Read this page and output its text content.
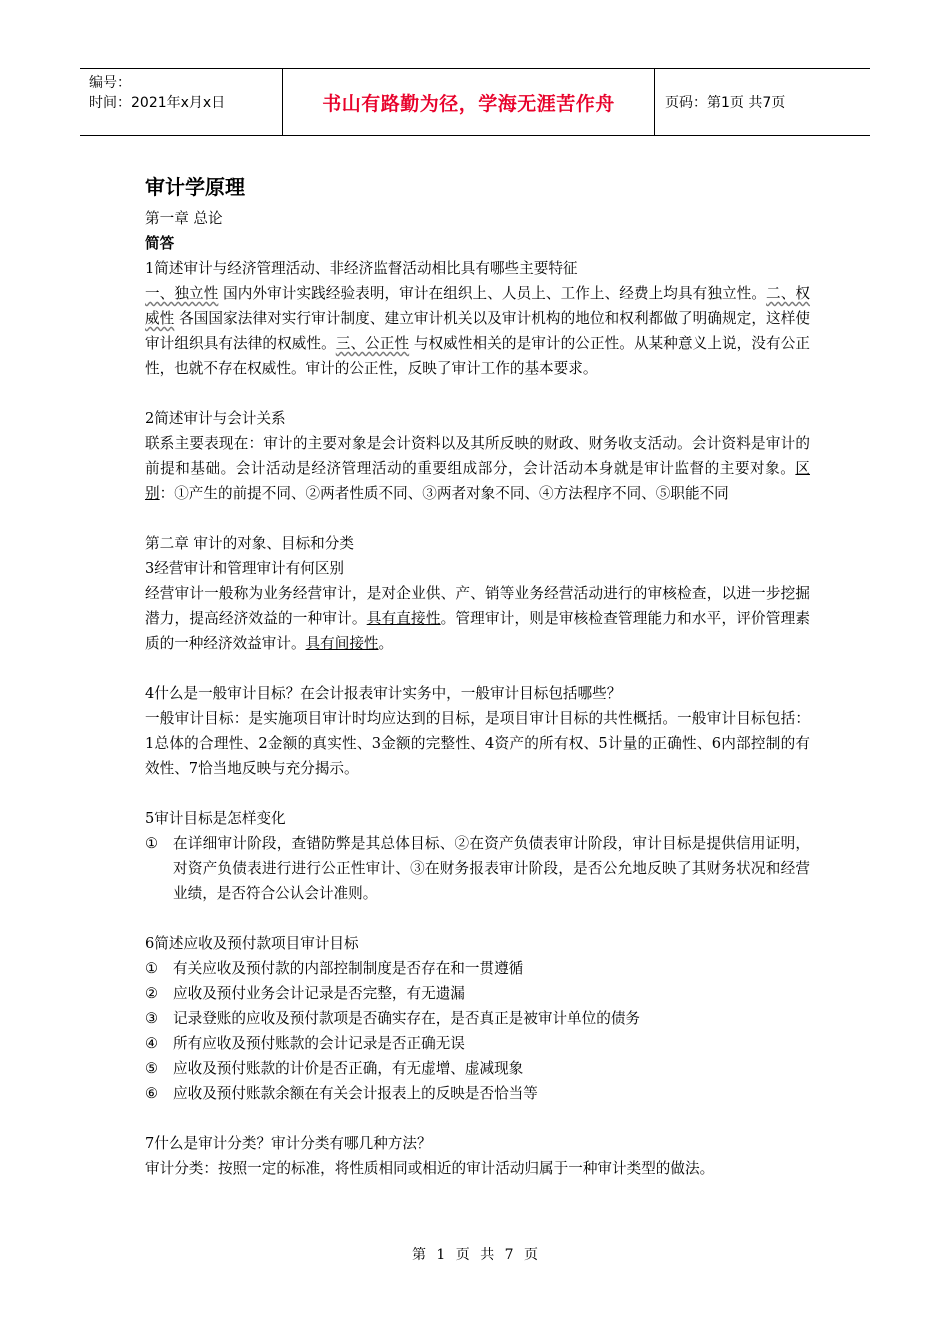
编号：
时间：2021年x月x日	书山有路勤为径，学海无涯苦作舟	页码：第1页 共7页
审计学原理

第一章 总论

简答

1简述审计与经济管理活动、非经济监督活动相比具有哪些主要特征

一、独立性 国内外审计实践经验表明，审计在组织上、人员上、工作上、经费上均具有独立性。二、权威性 各国国家法律对实行审计制度、建立审计机关以及审计机构的地位和权利都做了明确规定，这样使审计组织具有法律的权威性。三、公正性 与权威性相关的是审计的公正性。从某种意义上说，没有公正性，也就不存在权威性。审计的公正性，反映了审计工作的基本要求。

2简述审计与会计关系

联系主要表现在：审计的主要对象是会计资料以及其所反映的财政、财务收支活动。会计资料是审计的前提和基础。会计活动是经济管理活动的重要组成部分，会计活动本身就是审计监督的主要对象。区别：①产生的前提不同、②两者性质不同、③两者对象不同、④方法程序不同、⑤职能不同

第二章 审计的对象、目标和分类

3经营审计和管理审计有何区别

经营审计一般称为业务经营审计，是对企业供、产、销等业务经营活动进行的审核检查，以进一步挖掘潜力，提高经济效益的一种审计。具有直接性。管理审计，则是审核检查管理能力和水平，评价管理素质的一种经济效益审计。具有间接性。

4什么是一般审计目标？在会计报表审计实务中，一般审计目标包括哪些？

一般审计目标：是实施项目审计时均应达到的目标，是项目审计目标的共性概括。一般审计目标包括：1总体的合理性、2金额的真实性、3金额的完整性、4资产的所有权、5计量的正确性、6内部控制的有效性、7恰当地反映与充分揭示。

5审计目标是怎样变化

①	在详细审计阶段，查错防弊是其总体目标、②在资产负债表审计阶段，审计目标是提供信用证明，对资产负债表进行进行公正性审计、③在财务报表审计阶段，是否公允地反映了其财务状况和经营业绩，是否符合公认会计准则。

6简述应收及预付款项目审计目标

①	有关应收及预付款的内部控制制度是否存在和一贯遵循
②	应收及预付业务会计记录是否完整，有无遗漏
③	记录登账的应收及预付款项是否确实存在，是否真正是被审计单位的债务
④	所有应收及预付账款的会计记录是否正确无误
⑤	应收及预付账款的计价是否正确，有无虚增、虚减现象
⑥	应收及预付账款余额在有关会计报表上的反映是否恰当等

7什么是审计分类？审计分类有哪几种方法？

审计分类：按照一定的标准，将性质相同或相近的审计活动归属于一种审计类型的做法。

第 1 页 共 7 页
